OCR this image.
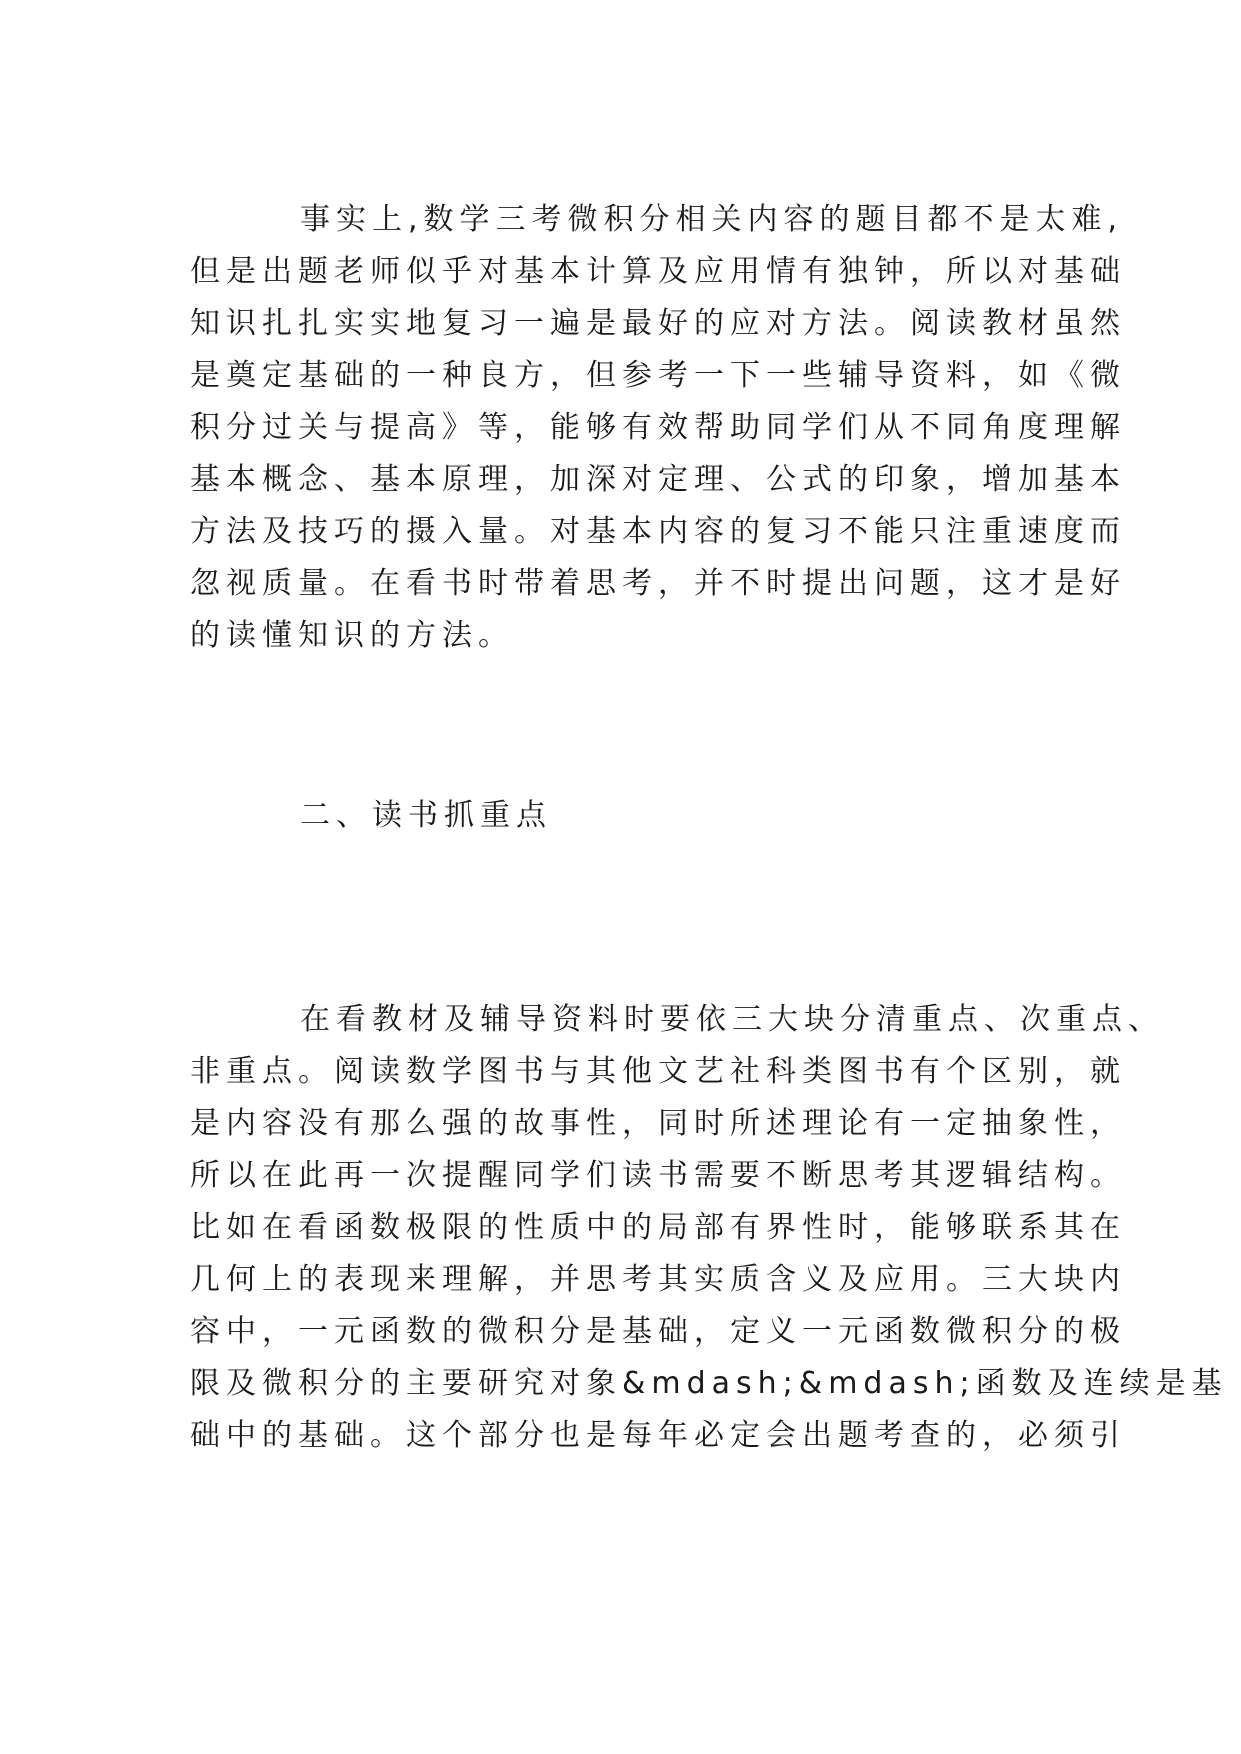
事实上,数学三考微积分相关内容的题目都不是太难,

但是出题老师似乎对基本计算及应用情有独钟，所以对基础

知识扎扎实实地复习一遍是最好的应对方法。阅读教材虽然

是奠定基础的一种良方，但参考一下一些辅导资料，如《微

积分过关与提高》等，能够有效帮助同学们从不同角度理解

基本概念、基本原理，加深对定理、公式的印象，增加基本

方法及技巧的摄入量。对基本内容的复习不能只注重速度而

忽视质量。在看书时带着思考，并不时提出问题，这才是好

的读懂知识的方法。

二、读书抓重点

在看教材及辅导资料时要依三大块分清重点、次重点、

非重点。阅读数学图书与其他文艺社科类图书有个区别，就

是内容没有那么强的故事性，同时所述理论有一定抽象性，

所以在此再一次提醒同学们读书需要不断思考其逻辑结构。

比如在看函数极限的性质中的局部有界性时，能够联系其在

几何上的表现来理解，并思考其实质含义及应用。三大块内

容中，一元函数的微积分是基础，定义一元函数微积分的极

限及微积分的主要研究对象&mdash;&mdash;函数及连续是基

础中的基础。这个部分也是每年必定会出题考查的，必须引
